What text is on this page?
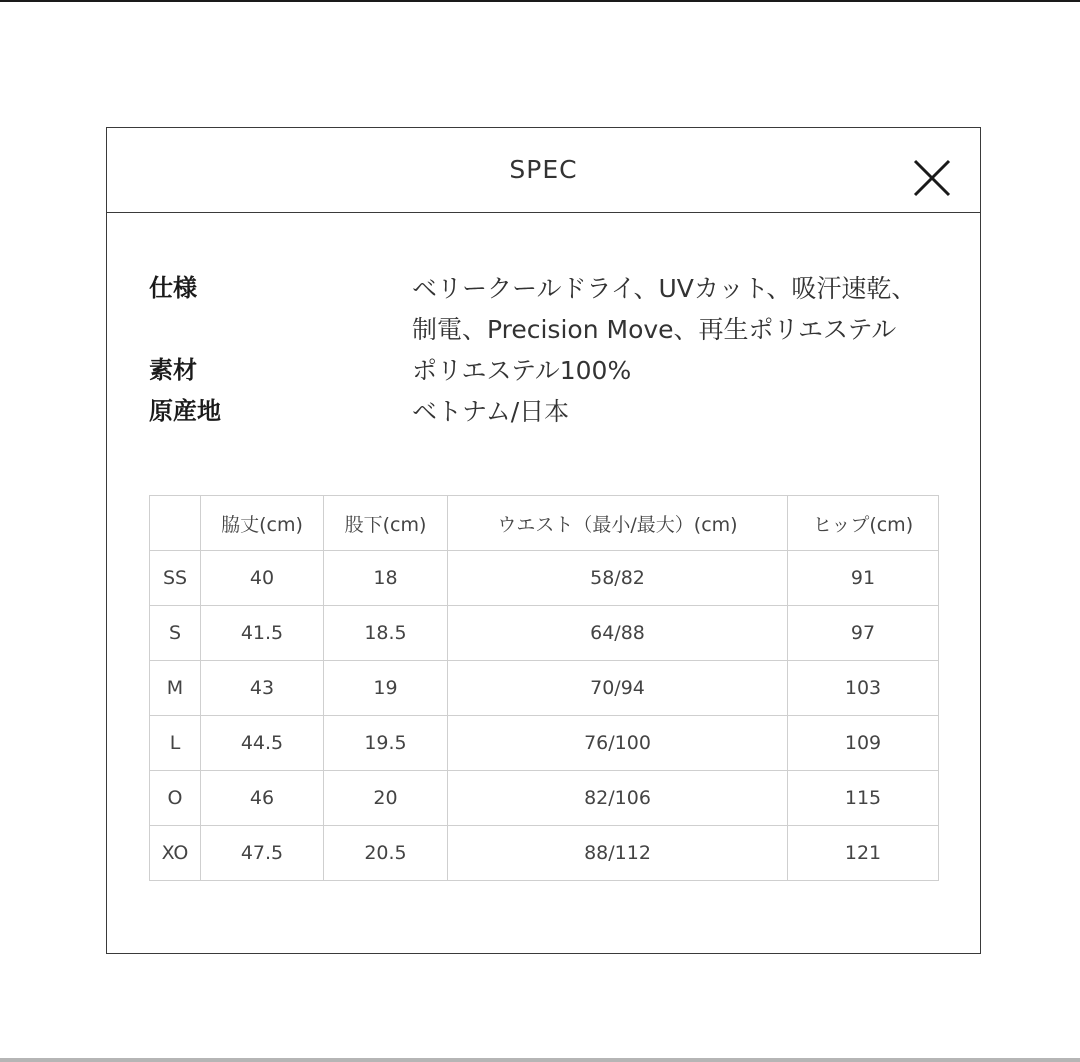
SPEC
仕様	ベリークールドライ、UVカット、吸汗速乾、制電、Precision Move、再生ポリエステル
素材	ポリエステル100%
原産地	ベトナム/日本
	脇丈(cm)	股下(cm)	ウエスト（最小/最大）(cm)	ヒップ(cm)
SS	40	18	58/82	91
S	41.5	18.5	64/88	97
M	43	19	70/94	103
L	44.5	19.5	76/100	109
O	46	20	82/106	115
XO	47.5	20.5	88/112	121
